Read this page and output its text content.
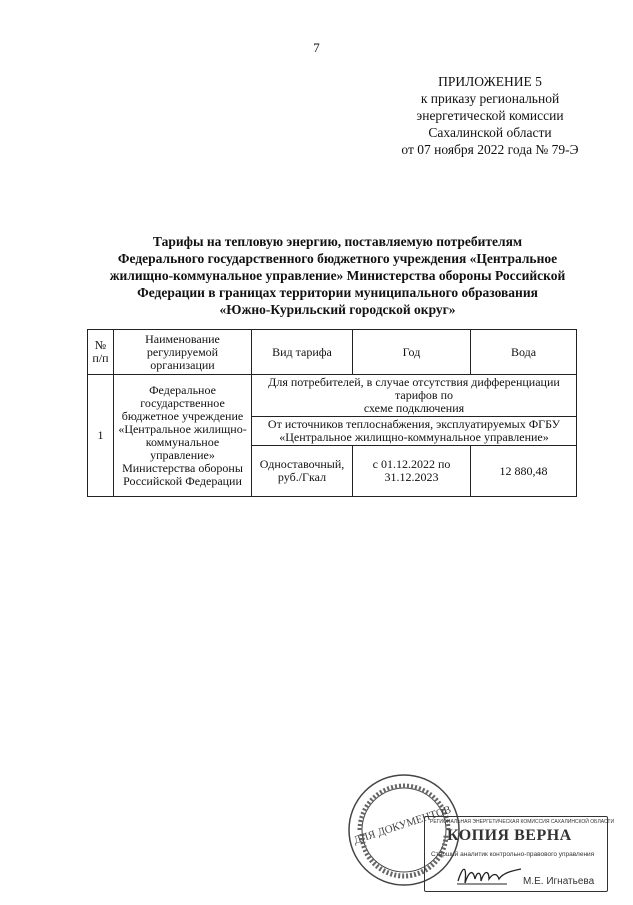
7
ПРИЛОЖЕНИЕ 5
к приказу региональной
энергетической комиссии
Сахалинской области
от 07 ноября 2022 года № 79-Э
Тарифы на тепловую энергию, поставляемую потребителям
Федерального государственного бюджетного учреждения «Центральное
жилищно-коммунальное управление» Министерства обороны Российской
Федерации в границах территории муниципального образования
«Южно-Курильский городской округ»
№ п/п	Наименование регулируемой организации	Вид тарифа	Год	Вода
1	Федеральное государственное бюджетное учреждение «Центральное жилищно-коммунальное управление» Министерства обороны Российской Федерации	Для потребителей, в случае отсутствия дифференциации
тарифов по
схеме подключения		

		От источников теплоснабжения, эксплуатируемых ФГБУ
«Центральное жилищно-коммунальное управление»		

		Одноставочный, руб./Гкал	с 01.12.2022 по 31.12.2023	12 880,48
ДЛЯ ДОКУМЕНТОВ
РЕГИОНАЛЬНАЯ ЭНЕРГЕТИЧЕСКАЯ КОМИССИЯ САХАЛИНСКОЙ ОБЛАСТИ
КОПИЯ ВЕРНА
Старший аналитик контрольно-правового управления
М.Е. Игнатьева
